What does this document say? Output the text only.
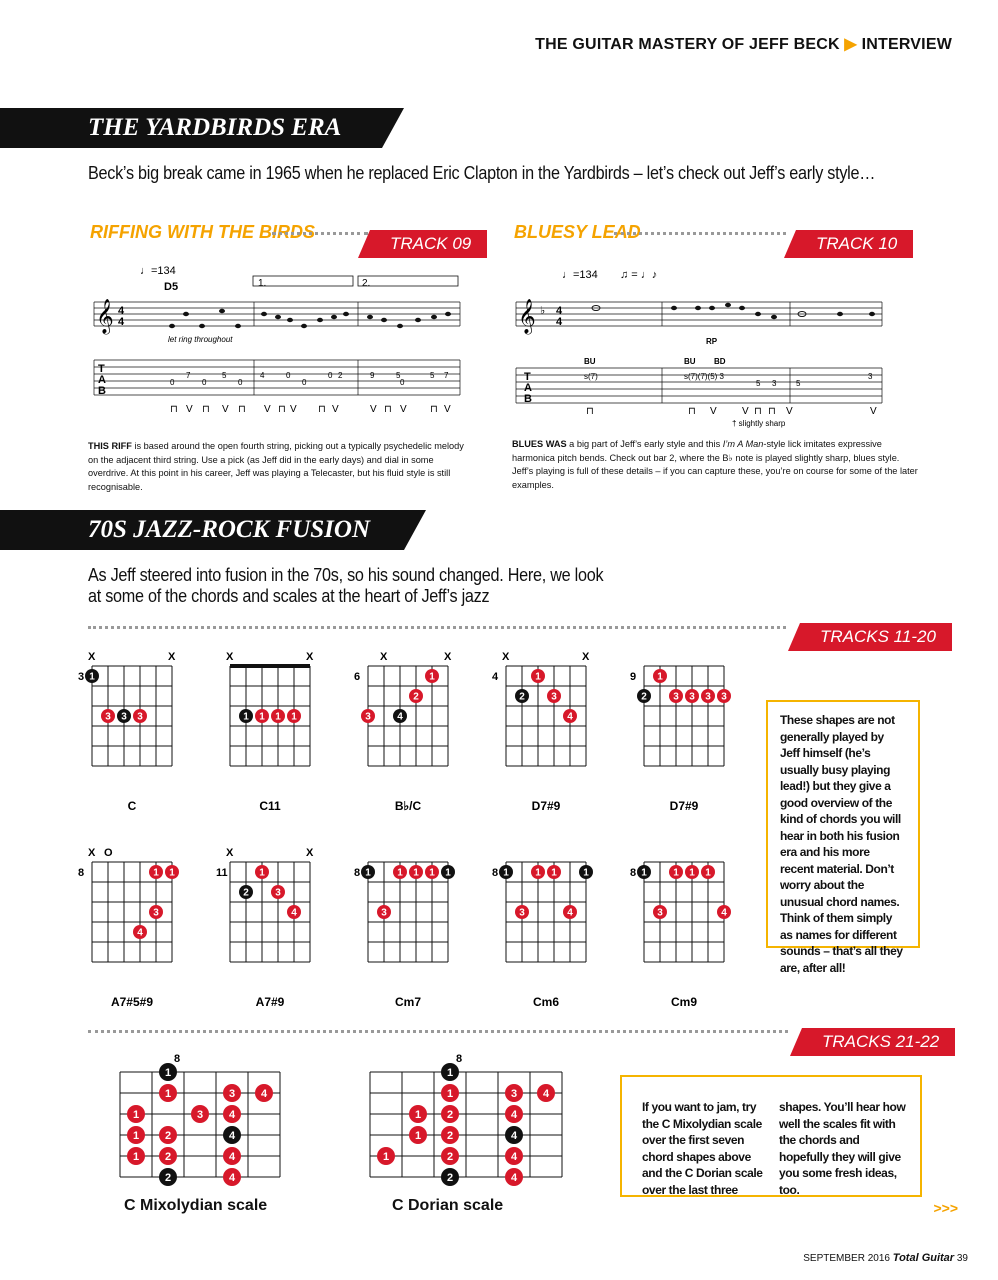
THE GUITAR MASTERY OF JEFF BECK ▶ INTERVIEW
THE YARDBIRDS ERA
Beck’s big break came in 1965 when he replaced Eric Clapton in the Yardbirds – let’s check out Jeff’s early style…
RIFFING WITH THE BIRDS
TRACK 09
BLUESY LEAD
TRACK 10
♩=134
D5	1.	2.
𝄞 4
4
let ring throughout
T
A
B
0
7
0
5
0
4	0
0
0 2	9	5
0
5 7
⊓ V ⊓ V ⊓ V ⊓ V ⊓ V	V ⊓ V ⊓ V
♩=134 ♫ = ♩♪
𝄞 ♭ 4
4
RP
BU	BU BD
T
A
B
s(7)	s(7)(7)(5) 3
5 3 5
3
⊓	⊓ V	V ⊓ ⊓ V	V
† slightly sharp
THIS RIFF is based around the open fourth string, picking out a typically psychedelic melody on the adjacent third string. Use a pick (as Jeff did in the early days) and dial in some overdrive. At this point in his career, Jeff was playing a Telecaster, but his fluid style is still recognisable.
BLUES WAS a big part of Jeff’s early style and this I’m A Man-style lick imitates expressive harmonica pitch bends. Check out bar 2, where the B♭ note is played slightly sharp, blues style. Jeff’s playing is full of these details – if you can capture these, you’re on course for some of the later examples.
70S JAZZ-ROCK FUSION
As Jeff steered into fusion in the 70s, so his sound changed. Here, we look
at some of the chords and scales at the heart of Jeff’s jazz
TRACKS 11-20
X	X
3 1
3 3 3
C
X	X
1 1 1 1
C11
X	X
6
3	4
2
1
B♭/C
X	X
4
2
1
3
4
D7#9
9
2
1
3 3 3 3
D7#9
X O
8
4
3
1 1
A7#5#9
X	X
11
2
1
3
4
A7#9
8 1
3
1 1 1 1
Cm7
8 1
3
1 1
4
1
Cm6
8 1
3
1 1 1
4
Cm9
These shapes are not generally played by Jeff himself (he’s usually busy playing lead!) but they give a good overview of the kind of chords you will hear in both his fusion era and his more recent material. Don’t worry about the unusual chord names. Think of them simply as names for different sounds – that’s all they are, after all!
TRACKS 21-22
8
1
1	3 4
1	3 4
1 2	4
1 2	4
2	4
C Mixolydian scale
8
1
1	3 4
1 2	4
1 2	4
1	2	4
2	4
C Dorian scale
If you want to jam, try the C Mixolydian scale over the first seven chord shapes above and the C Dorian scale over the last three
shapes. You’ll hear how well the scales fit with the chords and hopefully they will give you some fresh ideas, too.
>>>
SEPTEMBER 2016 Total Guitar 39
